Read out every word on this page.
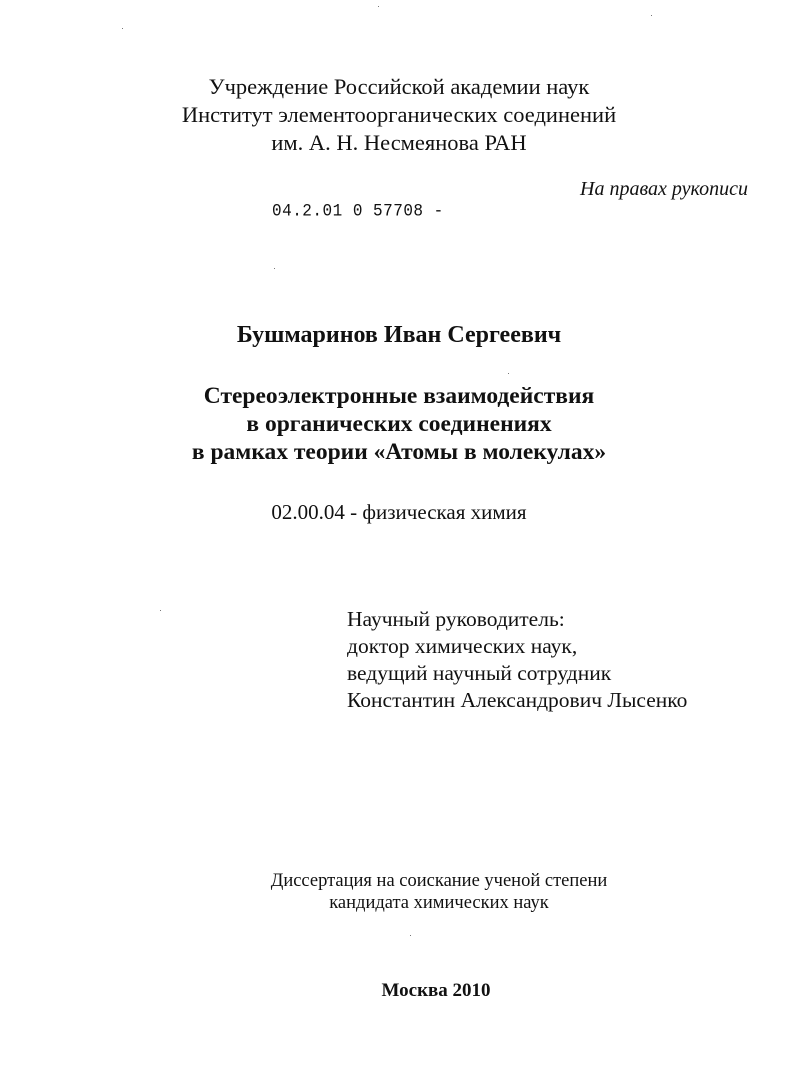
Учреждение Российской академии наук
Институт элементоорганических соединений
им. А. Н. Несмеянова РАН
На правах рукописи
04.2.01 0 57708 -
Бушмаринов Иван Сергеевич
Стереоэлектронные взаимодействия
в органических соединениях
в рамках теории «Атомы в молекулах»
02.00.04 - физическая химия
Научный руководитель:
доктор химических наук,
ведущий научный сотрудник
Константин Александрович Лысенко
Диссертация на соискание ученой степени
кандидата химических наук
Москва 2010
